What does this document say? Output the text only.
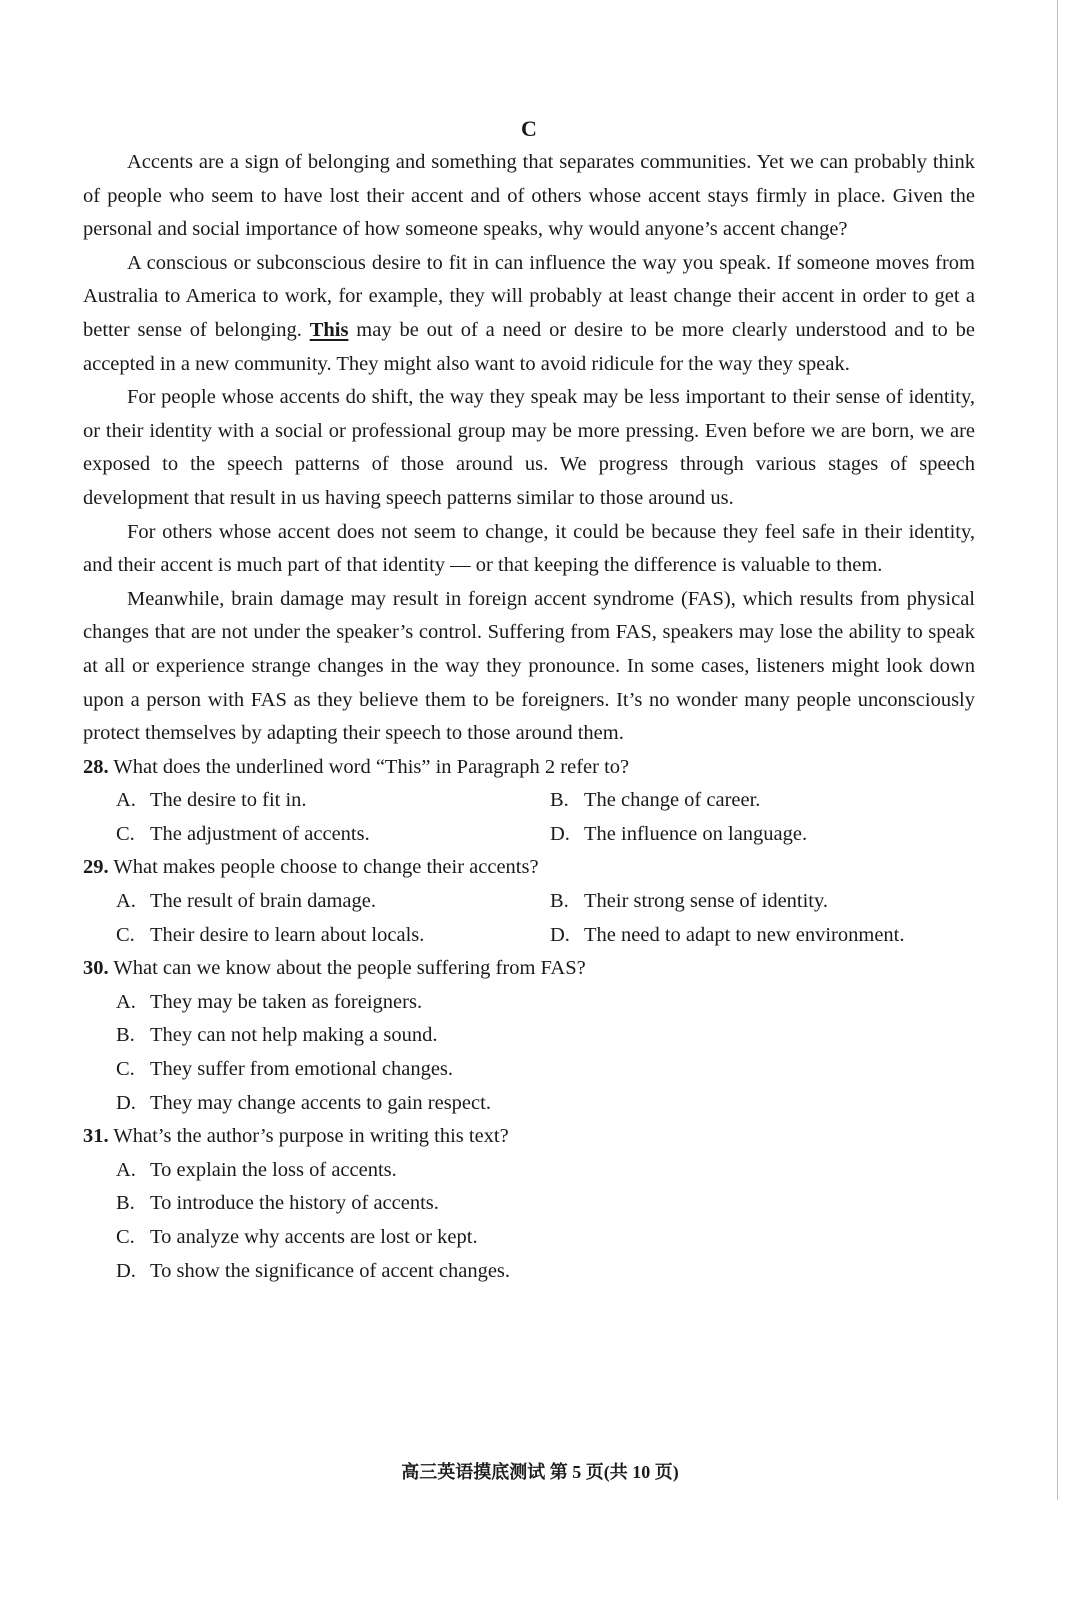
C

Accents are a sign of belonging and something that separates communities. Yet we can probably think of people who seem to have lost their accent and of others whose accent stays firmly in place. Given the personal and social importance of how someone speaks, why would anyone’s accent change?

A conscious or subconscious desire to fit in can influence the way you speak. If someone moves from Australia to America to work, for example, they will probably at least change their accent in order to get a better sense of belonging. This may be out of a need or desire to be more clearly understood and to be accepted in a new community. They might also want to avoid ridicule for the way they speak.

For people whose accents do shift, the way they speak may be less important to their sense of identity, or their identity with a social or professional group may be more pressing. Even before we are born, we are exposed to the speech patterns of those around us. We progress through various stages of speech development that result in us having speech patterns similar to those around us.

For others whose accent does not seem to change, it could be because they feel safe in their identity, and their accent is much part of that identity — or that keeping the difference is valuable to them.

Meanwhile, brain damage may result in foreign accent syndrome (FAS), which results from physical changes that are not under the speaker’s control. Suffering from FAS, speakers may lose the ability to speak at all or experience strange changes in the way they pronounce. In some cases, listeners might look down upon a person with FAS as they believe them to be foreigners. It’s no wonder many people unconsciously protect themselves by adapting their speech to those around them.

28. What does the underlined word “This” in Paragraph 2 refer to?
A. The desire to fit in.	B. The change of career.
C. The adjustment of accents.	D. The influence on language.
29. What makes people choose to change their accents?
A. The result of brain damage.	B. Their strong sense of identity.
C. Their desire to learn about locals.	D. The need to adapt to new environment.
30. What can we know about the people suffering from FAS?
A. They may be taken as foreigners.
B. They can not help making a sound.
C. They suffer from emotional changes.
D. They may change accents to gain respect.
31. What’s the author’s purpose in writing this text?
A. To explain the loss of accents.
B. To introduce the history of accents.
C. To analyze why accents are lost or kept.
D. To show the significance of accent changes.
高三英语摸底测试 第 5 页(共 10 页)
